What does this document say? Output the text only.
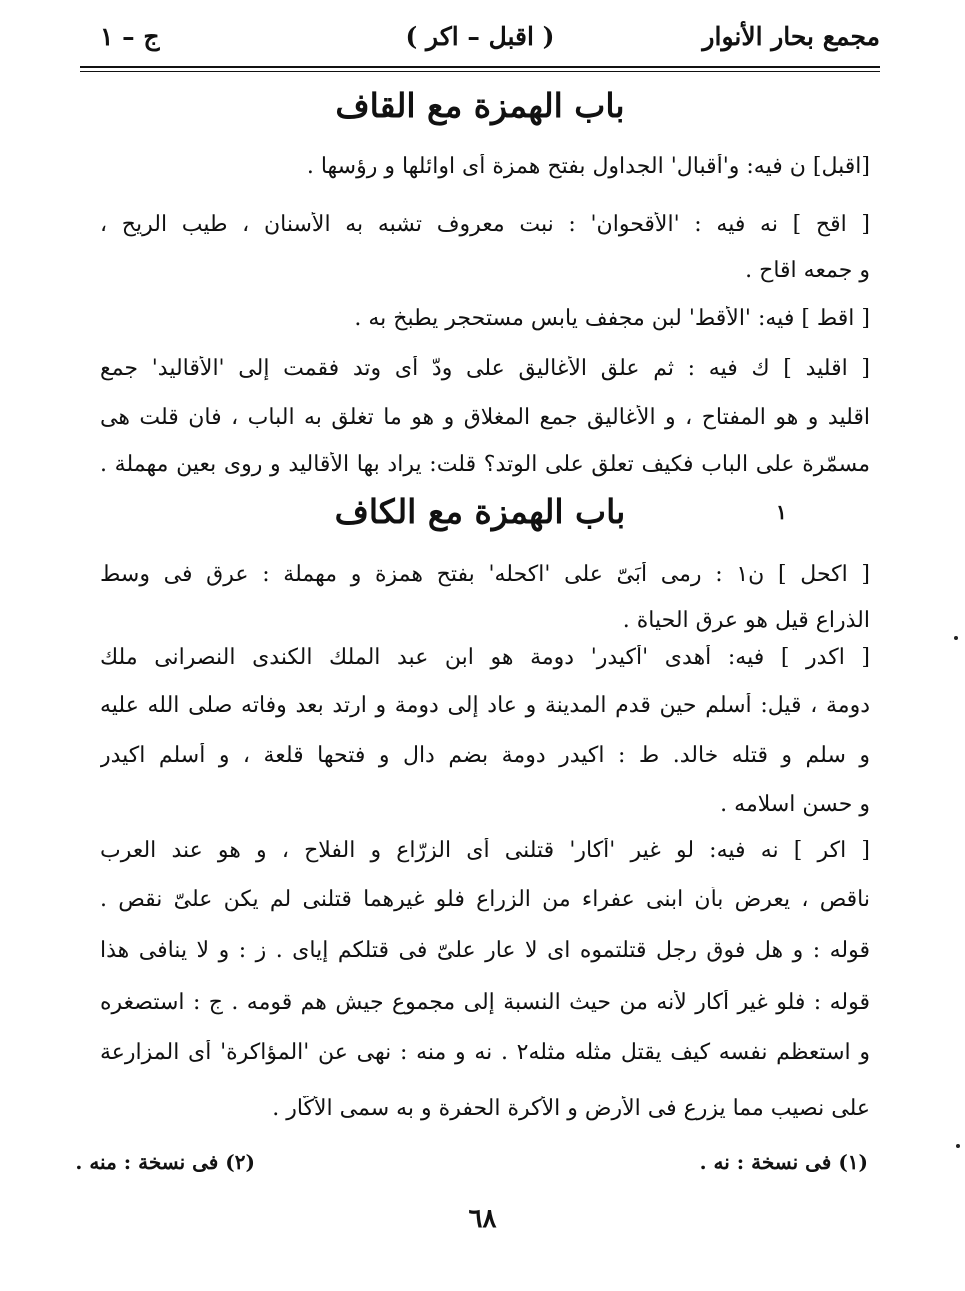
مجمع بحار الأنوار
( اقبل – اكر )
ج – ١
باب الهمزة مع القاف
[اقبل] ن فيه: و'أقبال' الجداول بفتح همزة أى اوائلها و رؤسها .
[ اقح ] نه فيه : 'الأقحوان' : نبت معروف تشبه به الأسنان ، طيب الريح ،
و جمعه اقاح .
[ اقط ] فيه: 'الأقط' لبن مجفف يابس مستحجر يطبخ به .
[ اقليد ] ك فيه : ثم علق الأغاليق على ودّ أى وتد فقمت إلى 'الأقاليد' جمع
اقليد و هو المفتاح ، و الأغاليق جمع المغلاق و هو ما تغلق به الباب ، فان قلت هى
مسمّرة على الباب فكيف تعلق على الوتد؟ قلت: يراد بها الأقاليد و روى بعين مهملة .
١
باب الهمزة مع الكاف
[ اكحل ] ن١ : رمى أُبَىّ على 'اكحله' بفتح همزة و مهملة : عرق فى وسط
الذراع قيل هو عرق الحياة .
[ اكدر ] فيه: أهدى 'أكيدر' دومة هو ابن عبد الملك الكندى النصرانى ملك
دومة ، قيل: أسلم حين قدم المدينة و عاد إلى دومة و ارتد بعد وفاته صلى الله عليه
و سلم و قتله خالد. ط : اكيدر دومة بضم دال و فتحها قلعة ، و أسلم اكيدر
و حسن اسلامه .
[ اكر ] نه فيه: لو غير 'أكار' قتلنى أى الزرّاع و الفلاح ، و هو عند العرب
ناقص ، يعرض بأن ابنى عفراء من الزراع فلو غيرهما قتلنى لم يكن علىّ نقص .
قوله : و هل فوق رجل قتلتموه اى لا عار علىّ فى قتلكم إياى . ز : و لا ينافى هذا
قوله : فلو غير أكار لأنه من حيث النسبة إلى مجموع جيش هم قومه . ج : استصغره
و استعظم نفسه كيف يقتل مثله مثله٢ . نه و منه : نهى عن 'المؤاكرة' أى المزارعة
على نصيب مما يزرع فى الأرض و الأكرة الحفرة و به سمى الأكّار .
(١) فى نسخة : نه .
(٢) فى نسخة : منه .
٦٨
